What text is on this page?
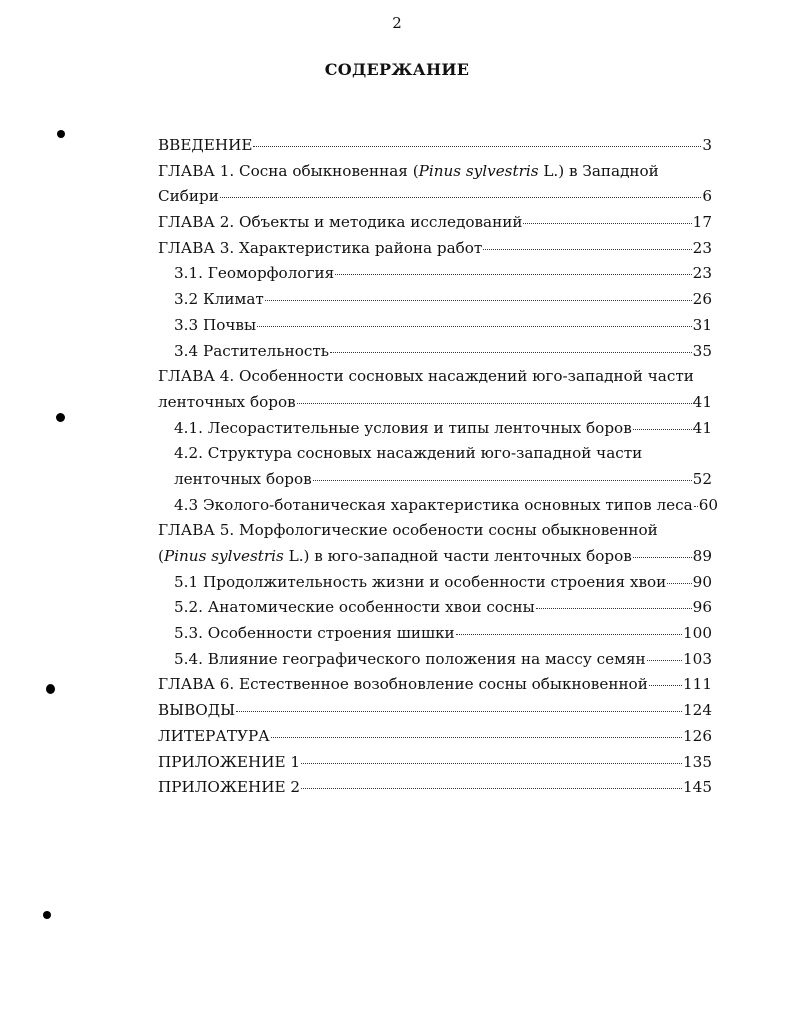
2
СОДЕРЖАНИЕ
ВВЕДЕНИЕ	3
ГЛАВА 1. Сосна обыкновенная (Pinus sylvestris L.) в Западной
Сибири	6
ГЛАВА 2. Объекты и методика исследований	17
ГЛАВА 3. Характеристика района работ	23
3.1. Геоморфология	23
3.2 Климат	26
3.3 Почвы	31
3.4 Растительность	35
ГЛАВА 4. Особенности сосновых насаждений юго-западной части
ленточных боров	41
4.1. Лесорастительные условия и типы ленточных боров	41
4.2. Структура сосновых насаждений юго-западной части
ленточных боров	52
4.3 Эколого-ботаническая характеристика основных типов леса 60
ГЛАВА 5. Морфологические особености сосны обыкновенной
(Pinus sylvestris L.) в юго-западной части ленточных боров	89
5.1 Продолжительность жизни и особенности строения хвои 90
5.2. Анатомические особенности хвои сосны	96
5.3. Особенности строения шишки	100
5.4. Влияние географического положения на массу семян 103
ГЛАВА 6. Естественное возобновление сосны обыкновенной 111
ВЫВОДЫ	124
ЛИТЕРАТУРА	126
ПРИЛОЖЕНИЕ 1	135
ПРИЛОЖЕНИЕ 2	145
